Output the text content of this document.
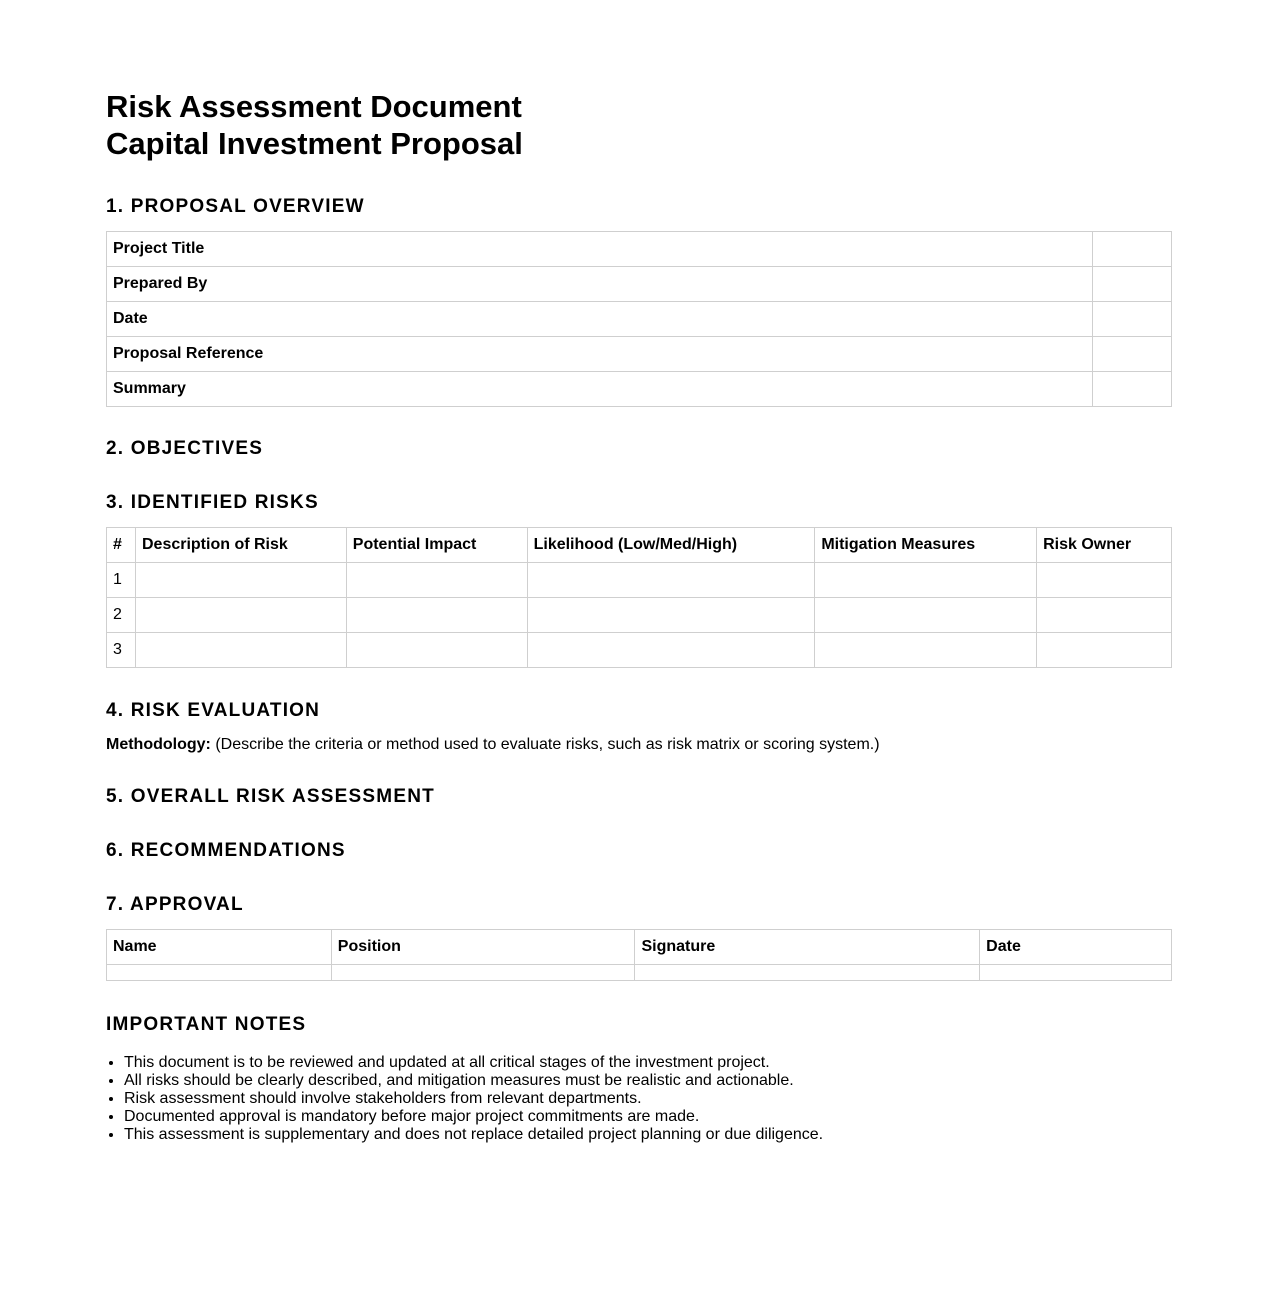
Risk Assessment Document
Capital Investment Proposal
1. PROPOSAL OVERVIEW
Project Title	
Prepared By	
Date	
Proposal Reference	
Summary	
2. OBJECTIVES
3. IDENTIFIED RISKS
#	Description of Risk	Potential Impact	Likelihood (Low/Med/High)	Mitigation Measures	Risk Owner
1					
2					
3					
4. RISK EVALUATION

Methodology: (Describe the criteria or method used to evaluate risks, such as risk matrix or scoring system.)

5. OVERALL RISK ASSESSMENT
6. RECOMMENDATIONS
7. APPROVAL
Name	Position	Signature	Date

IMPORTANT NOTES
• This document is to be reviewed and updated at all critical stages of the investment project.
• All risks should be clearly described, and mitigation measures must be realistic and actionable.
• Risk assessment should involve stakeholders from relevant departments.
• Documented approval is mandatory before major project commitments are made.
• This assessment is supplementary and does not replace detailed project planning or due diligence.
